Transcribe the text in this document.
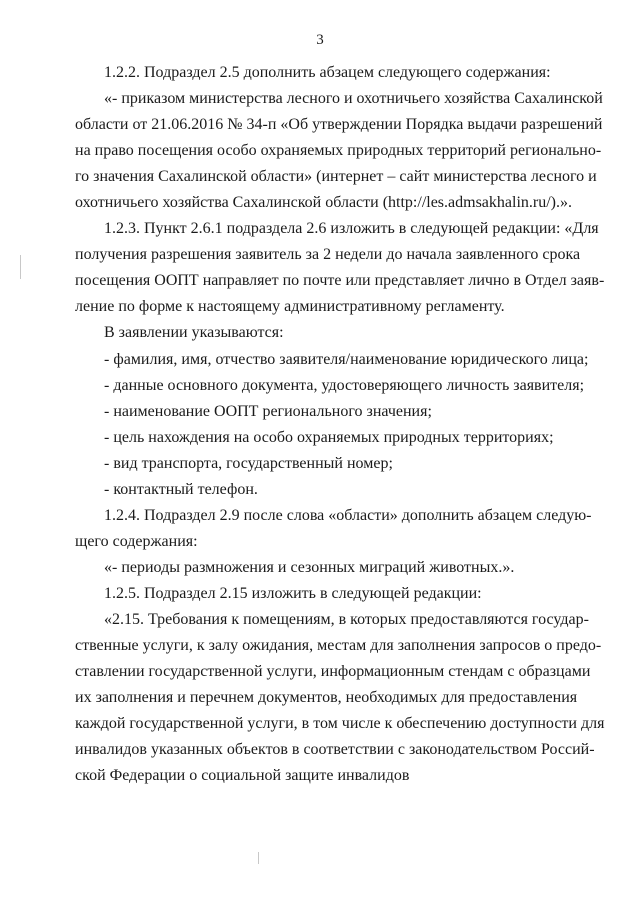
3
1.2.2. Подраздел 2.5 дополнить абзацем следующего содержания:
«- приказом министерства лесного и охотничьего хозяйства Сахалинской
области от 21.06.2016 № 34-п «Об утверждении Порядка выдачи разрешений
на право посещения особо охраняемых природных территорий регионально-
го значения Сахалинской области» (интернет – сайт министерства лесного и
охотничьего хозяйства Сахалинской области (http://les.admsakhalin.ru/).».
1.2.3. Пункт 2.6.1 подраздела 2.6 изложить в следующей редакции: «Для
получения разрешения заявитель за 2 недели до начала заявленного срока
посещения ООПТ направляет по почте или представляет лично в Отдел заяв-
ление по форме к настоящему административному регламенту.
В заявлении указываются:
- фамилия, имя, отчество заявителя/наименование юридического лица;
- данные основного документа, удостоверяющего личность заявителя;
- наименование ООПТ регионального значения;
- цель нахождения на особо охраняемых природных территориях;
- вид транспорта, государственный номер;
- контактный телефон.
1.2.4. Подраздел 2.9 после слова «области» дополнить абзацем следую-
щего содержания:
«- периоды размножения и сезонных миграций животных.».
1.2.5. Подраздел 2.15 изложить в следующей редакции:
«2.15. Требования к помещениям, в которых предоставляются государ-
ственные услуги, к залу ожидания, местам для заполнения запросов о предо-
ставлении государственной услуги, информационным стендам с образцами
их заполнения и перечнем документов, необходимых для предоставления
каждой государственной услуги, в том числе к обеспечению доступности для
инвалидов указанных объектов в соответствии с законодательством Россий-
ской Федерации о социальной защите инвалидов
